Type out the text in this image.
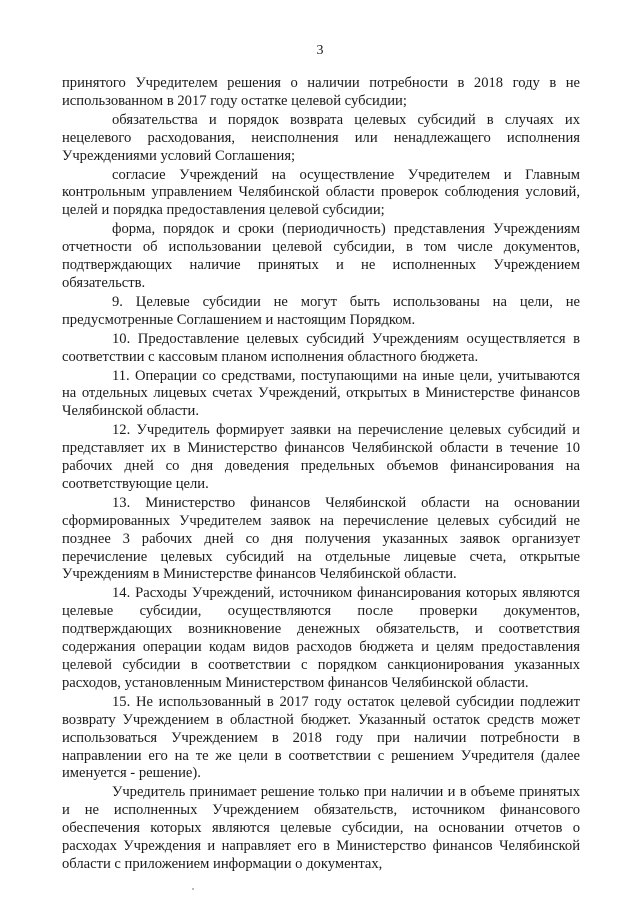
3

принятого Учредителем решения о наличии потребности в 2018 году в не использованном в 2017 году остатке целевой субсидии;

обязательства и порядок возврата целевых субсидий в случаях их нецелевого расходования, неисполнения или ненадлежащего исполнения Учреждениями условий Соглашения;

согласие Учреждений на осуществление Учредителем и Главным контрольным управлением Челябинской области проверок соблюдения условий, целей и порядка предоставления целевой субсидии;

форма, порядок и сроки (периодичность) представления Учреждениям отчетности об использовании целевой субсидии, в том числе документов, подтверждающих наличие принятых и не исполненных Учреждением обязательств.

9. Целевые субсидии не могут быть использованы на цели, не предусмотренные Соглашением и настоящим Порядком.

10. Предоставление целевых субсидий Учреждениям осуществляется в соответствии с кассовым планом исполнения областного бюджета.

11. Операции со средствами, поступающими на иные цели, учитываются на отдельных лицевых счетах Учреждений, открытых в Министерстве финансов Челябинской области.

12. Учредитель формирует заявки на перечисление целевых субсидий и представляет их в Министерство финансов Челябинской области в течение 10 рабочих дней со дня доведения предельных объемов финансирования на соответствующие цели.

13. Министерство финансов Челябинской области на основании сформированных Учредителем заявок на перечисление целевых субсидий не позднее 3 рабочих дней со дня получения указанных заявок организует перечисление целевых субсидий на отдельные лицевые счета, открытые Учреждениям в Министерстве финансов Челябинской области.

14. Расходы Учреждений, источником финансирования которых являются целевые субсидии, осуществляются после проверки документов, подтверждающих возникновение денежных обязательств, и соответствия содержания операции кодам видов расходов бюджета и целям предоставления целевой субсидии в соответствии с порядком санкционирования указанных расходов, установленным Министерством финансов Челябинской области.

15. Не использованный в 2017 году остаток целевой субсидии подлежит возврату Учреждением в областной бюджет. Указанный остаток средств может использоваться Учреждением в 2018 году при наличии потребности в направлении его на те же цели в соответствии с решением Учредителя (далее именуется - решение).

Учредитель принимает решение только при наличии и в объеме принятых и не исполненных Учреждением обязательств, источником финансового обеспечения которых являются целевые субсидии, на основании отчетов о расходах Учреждения и направляет его в Министерство финансов Челябинской области с приложением информации о документах,
